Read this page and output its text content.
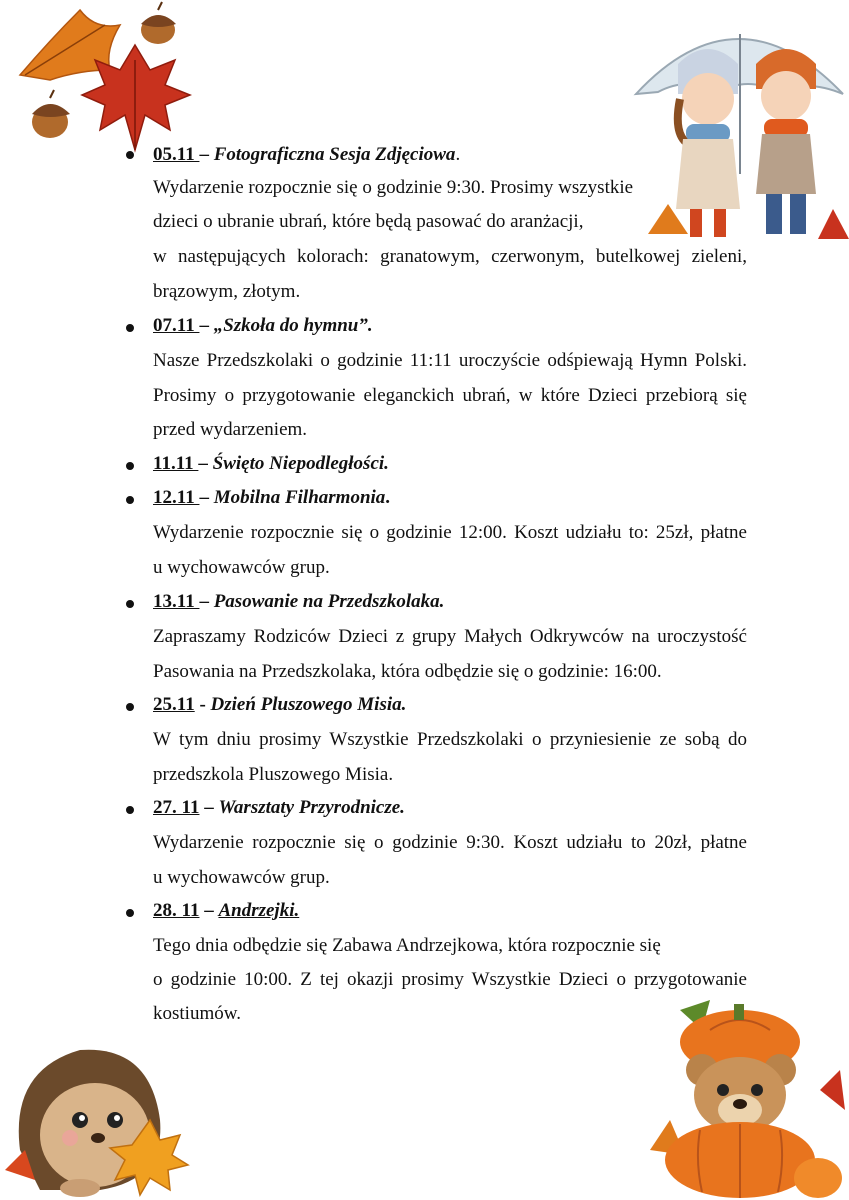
05.11 – Fotograficzna Sesja Zdjęciowa.
Wydarzenie rozpocznie się o godzinie 9:30. Prosimy wszystkie
dzieci o ubranie ubrań, które będą pasować do aranżacji,
w następujących kolorach: granatowym, czerwonym, butelkowej zieleni,
brązowym, złotym.
07.11 – „Szkoła do hymnu”.
Nasze Przedszkolaki o godzinie 11:11 uroczyście odśpiewają Hymn Polski.
Prosimy o przygotowanie eleganckich ubrań, w które Dzieci przebiorą się
przed wydarzeniem.
11.11 – Święto Niepodległości.
12.11 – Mobilna Filharmonia.
Wydarzenie rozpocznie się o godzinie 12:00. Koszt udziału to: 25zł, płatne
u wychowawców grup.
13.11 – Pasowanie na Przedszkolaka.
Zapraszamy Rodziców Dzieci z grupy Małych Odkrywców na uroczystość
Pasowania na Przedszkolaka, która odbędzie się o godzinie: 16:00.
25.11 - Dzień Pluszowego Misia.
W tym dniu prosimy Wszystkie Przedszkolaki o przyniesienie ze sobą do
przedszkola Pluszowego Misia.
27. 11 – Warsztaty Przyrodnicze.
Wydarzenie rozpocznie się o godzinie 9:30. Koszt udziału to 20zł, płatne
u wychowawców grup.
28. 11 – Andrzejki.
Tego dnia odbędzie się Zabawa Andrzejkowa, która rozpocznie się
o godzinie 10:00. Z tej okazji prosimy Wszystkie Dzieci o przygotowanie
kostiumów.
